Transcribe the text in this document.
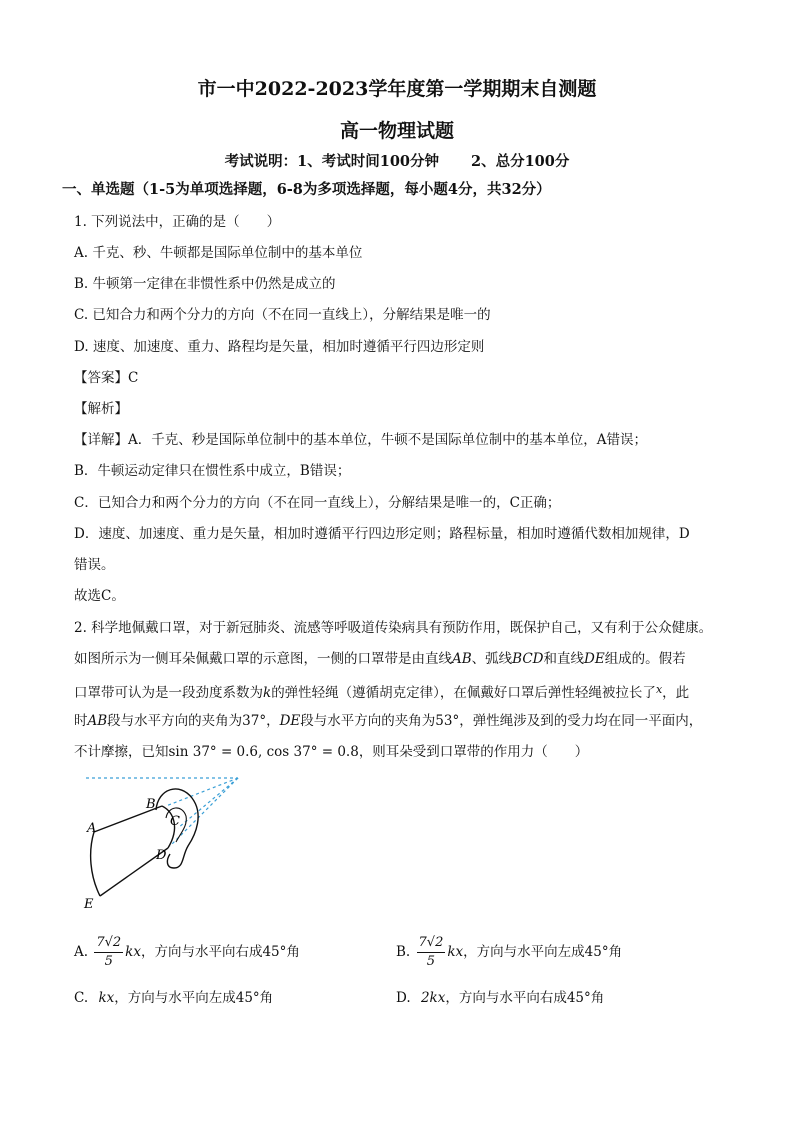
市一中2022-2023学年度第一学期期末自测题
高一物理试题
考试说明：1、考试时间100分钟 2、总分100分
一、单选题（1-5为单项选择题，6-8为多项选择题，每小题4分，共32分）
1. 下列说法中，正确的是（　　）
A. 千克、秒、牛顿都是国际单位制中的基本单位
B. 牛顿第一定律在非惯性系中仍然是成立的
C. 已知合力和两个分力的方向（不在同一直线上），分解结果是唯一的
D. 速度、加速度、重力、路程均是矢量，相加时遵循平行四边形定则
【答案】C
【解析】
【详解】A．千克、秒是国际单位制中的基本单位，牛顿不是国际单位制中的基本单位，A错误；
B．牛顿运动定律只在惯性系中成立，B错误；
C．已知合力和两个分力的方向（不在同一直线上），分解结果是唯一的，C正确；
D．速度、加速度、重力是矢量，相加时遵循平行四边形定则；路程标量，相加时遵循代数相加规律，D
错误。
故选C。
2. 科学地佩戴口罩，对于新冠肺炎、流感等呼吸道传染病具有预防作用，既保护自己，又有利于公众健康。
如图所示为一侧耳朵佩戴口罩的示意图，一侧的口罩带是由直线AB、弧线BCD和直线DE组成的。假若
口罩带可认为是一段劲度系数为k的弹性轻绳（遵循胡克定律），在佩戴好口罩后弹性轻绳被拉长了$^x$，此
时AB段与水平方向的夹角为37°，DE段与水平方向的夹角为53°，弹性绳涉及到的受力均在同一平面内，
不计摩擦，已知sin 37° = 0.6, cos 37° = 0.8，则耳朵受到口罩带的作用力（　　）
A
B
C
D
E
A. $\frac{7√2}{5}$ kx，方向与水平向右成45°角	B. $\frac{7√2}{5}$ kx，方向与水平向左成45°角
C. kx，方向与水平向左成45°角	D. 2kx，方向与水平向右成45°角
